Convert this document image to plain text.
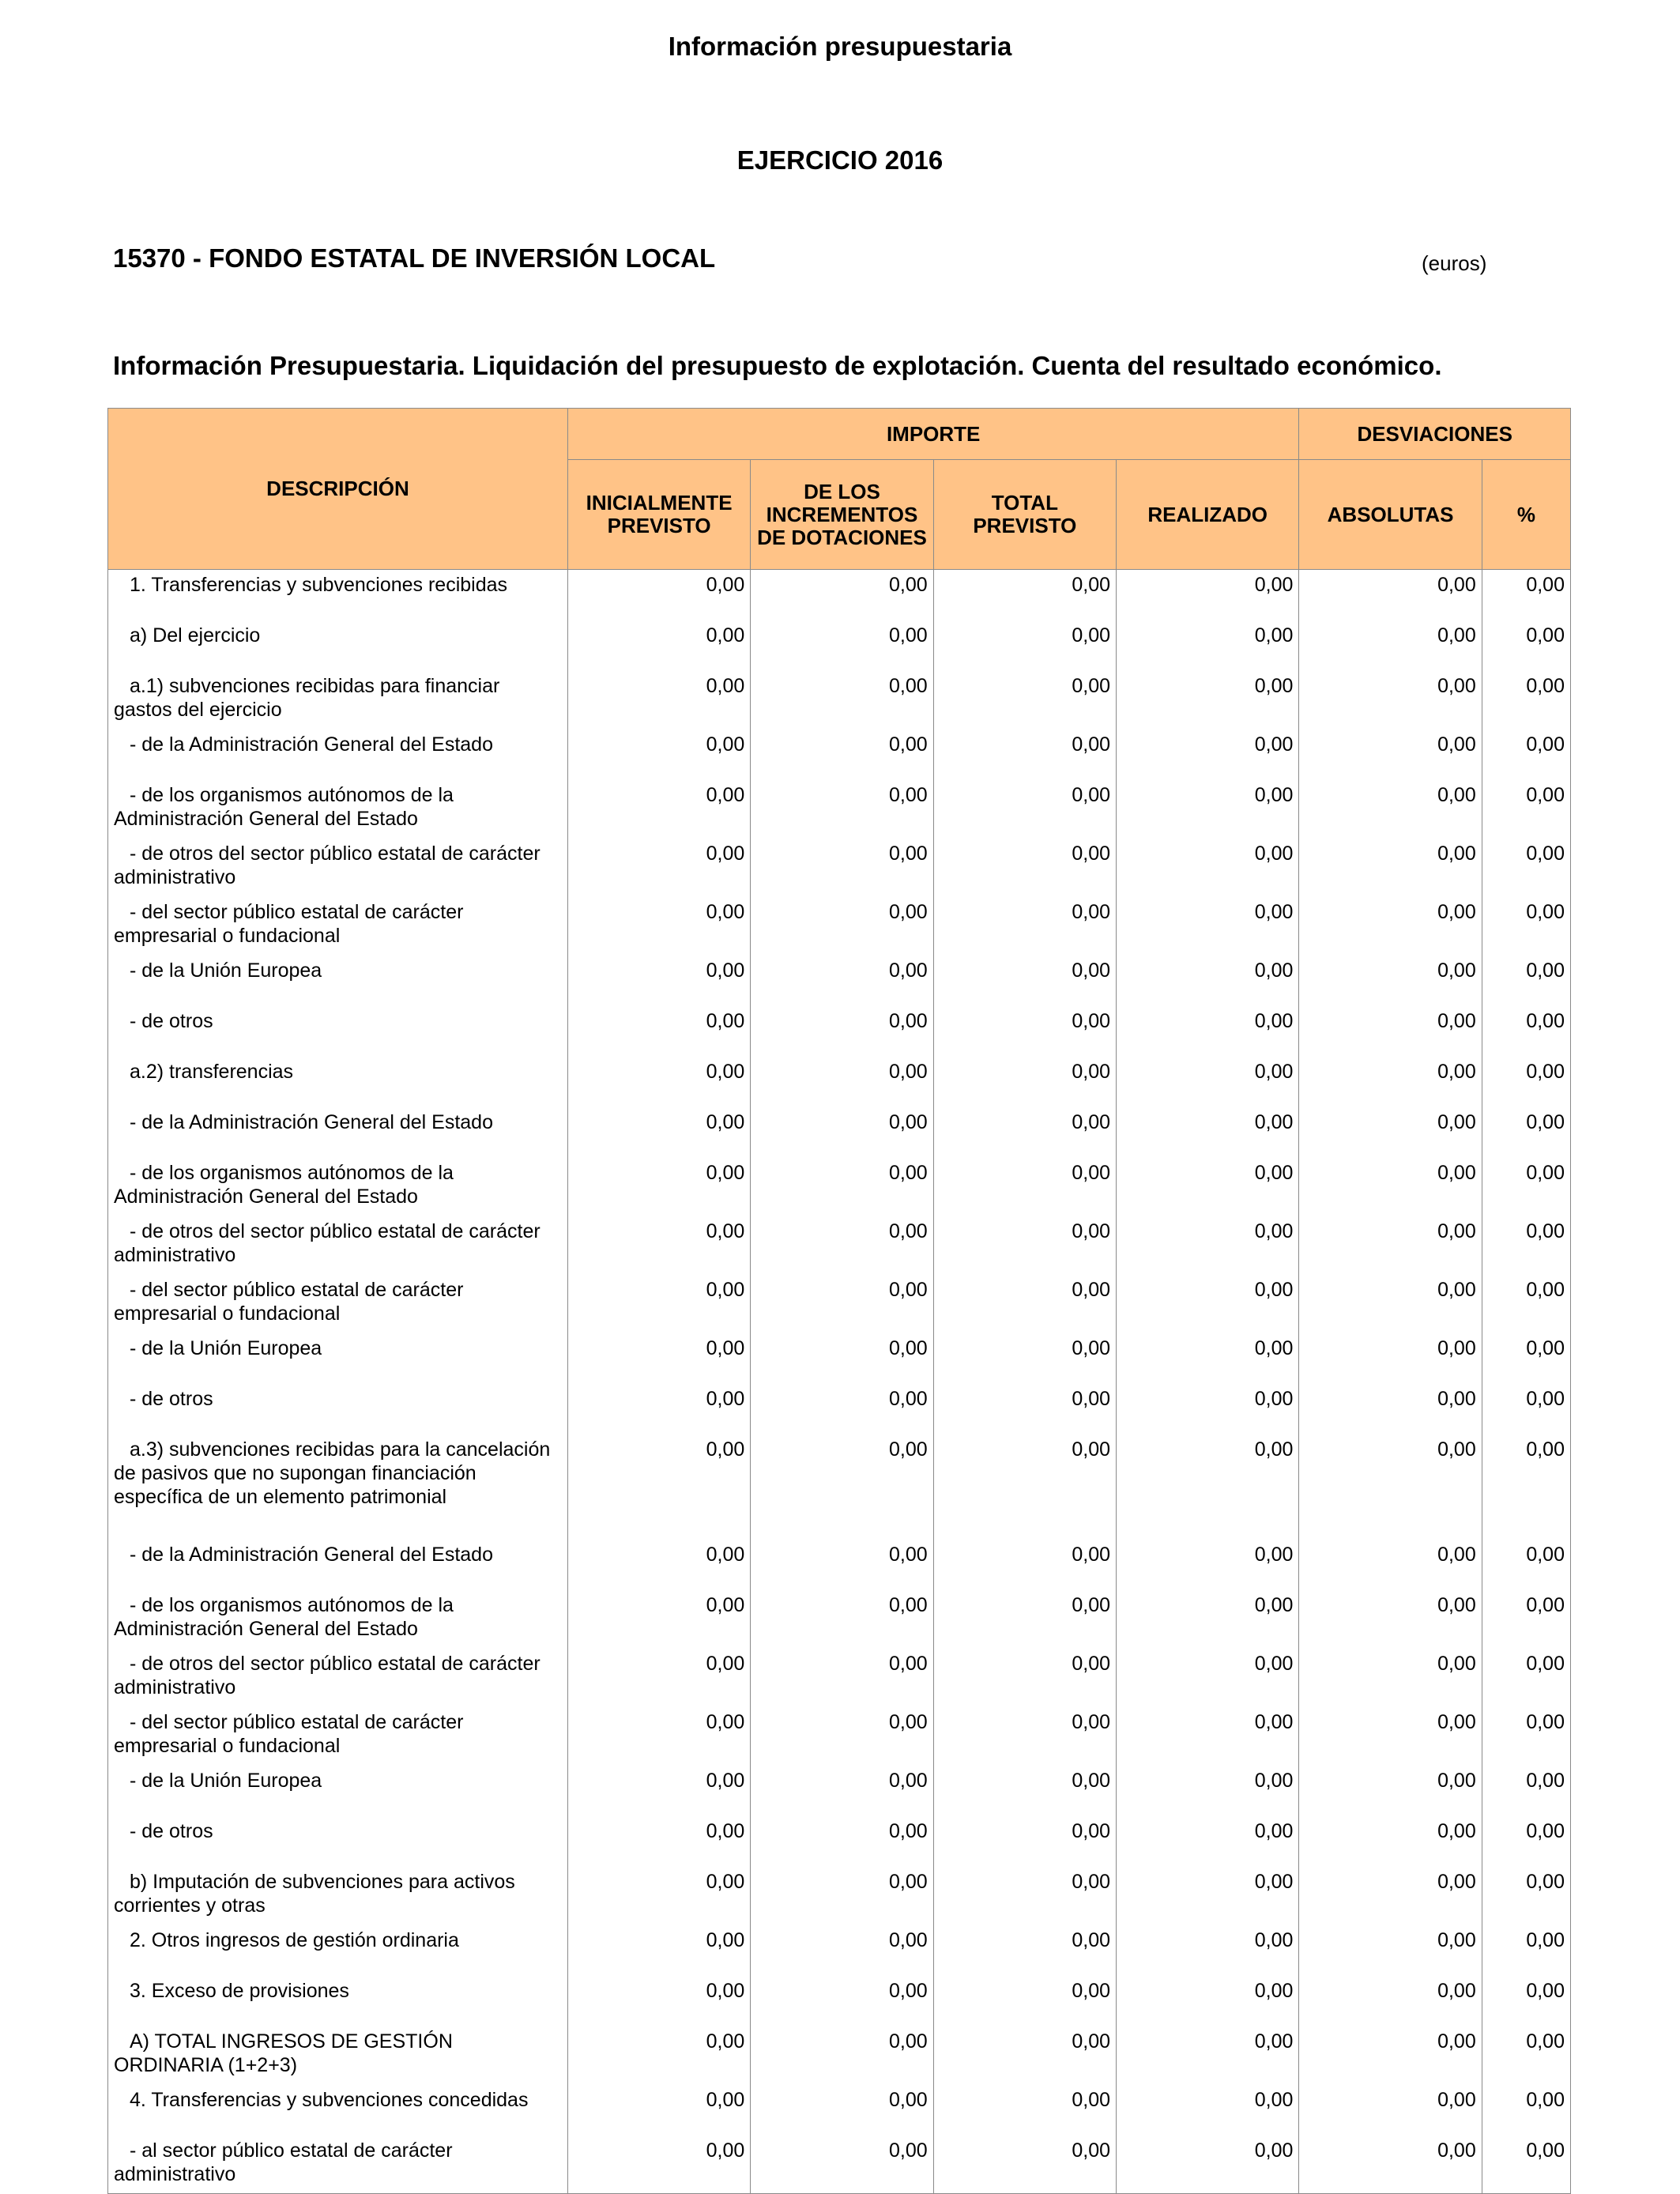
Información presupuestaria
EJERCICIO 2016
15370 - FONDO ESTATAL DE INVERSIÓN LOCAL	(euros)
Información Presupuestaria. Liquidación del presupuesto de explotación. Cuenta del resultado económico.
DESCRIPCIÓN	IMPORTE				DESVIACIONES	
	INICIALMENTE PREVISTO	DE LOS INCREMENTOS DE DOTACIONES	TOTAL PREVISTO	REALIZADO	ABSOLUTAS	%
1. Transferencias y subvenciones recibidas	0,00	0,00	0,00	0,00	0,00	0,00
a) Del ejercicio	0,00	0,00	0,00	0,00	0,00	0,00
a.1) subvenciones recibidas para financiar gastos del ejercicio	0,00	0,00	0,00	0,00	0,00	0,00
- de la Administración General del Estado	0,00	0,00	0,00	0,00	0,00	0,00
- de los organismos autónomos de la Administración General del Estado	0,00	0,00	0,00	0,00	0,00	0,00
- de otros del sector público estatal de carácter administrativo	0,00	0,00	0,00	0,00	0,00	0,00
- del sector público estatal de carácter empresarial o fundacional	0,00	0,00	0,00	0,00	0,00	0,00
- de la Unión Europea	0,00	0,00	0,00	0,00	0,00	0,00
- de otros	0,00	0,00	0,00	0,00	0,00	0,00
a.2) transferencias	0,00	0,00	0,00	0,00	0,00	0,00
- de la Administración General del Estado	0,00	0,00	0,00	0,00	0,00	0,00
- de los organismos autónomos de la Administración General del Estado	0,00	0,00	0,00	0,00	0,00	0,00
- de otros del sector público estatal de carácter administrativo	0,00	0,00	0,00	0,00	0,00	0,00
- del sector público estatal de carácter empresarial o fundacional	0,00	0,00	0,00	0,00	0,00	0,00
- de la Unión Europea	0,00	0,00	0,00	0,00	0,00	0,00
- de otros	0,00	0,00	0,00	0,00	0,00	0,00
a.3) subvenciones recibidas para la cancelación de pasivos que no supongan financiación específica de un elemento patrimonial	0,00	0,00	0,00	0,00	0,00	0,00
- de la Administración General del Estado	0,00	0,00	0,00	0,00	0,00	0,00
- de los organismos autónomos de la Administración General del Estado	0,00	0,00	0,00	0,00	0,00	0,00
- de otros del sector público estatal de carácter administrativo	0,00	0,00	0,00	0,00	0,00	0,00
- del sector público estatal de carácter empresarial o fundacional	0,00	0,00	0,00	0,00	0,00	0,00
- de la Unión Europea	0,00	0,00	0,00	0,00	0,00	0,00
- de otros	0,00	0,00	0,00	0,00	0,00	0,00
b) Imputación de subvenciones para activos corrientes y otras	0,00	0,00	0,00	0,00	0,00	0,00
2. Otros ingresos de gestión ordinaria	0,00	0,00	0,00	0,00	0,00	0,00
3. Exceso de provisiones	0,00	0,00	0,00	0,00	0,00	0,00
A) TOTAL INGRESOS DE GESTIÓN ORDINARIA (1+2+3)	0,00	0,00	0,00	0,00	0,00	0,00
4. Transferencias y subvenciones concedidas	0,00	0,00	0,00	0,00	0,00	0,00
- al sector público estatal de carácter administrativo	0,00	0,00	0,00	0,00	0,00	0,00
